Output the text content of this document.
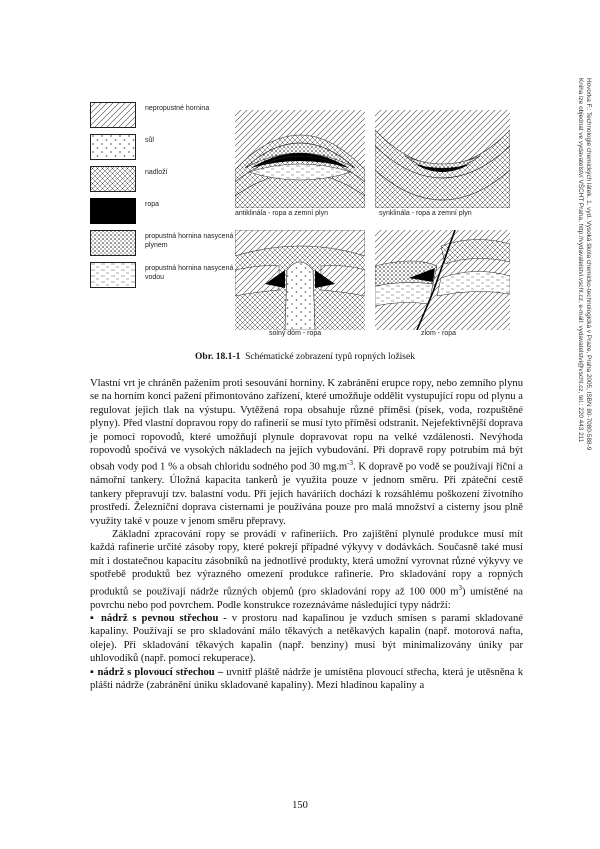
Hovorka F.: Technologie chemických látek. 1. vyd. Vysoká škola chemicko-technologická v Praze, Praha 2005, ISBN 80-7080-588-9
Kniha lze objednat ve vydavatelství VŠCHT Praha, http://vydavatelstvi.vscht.cz, e-mail: vydavatelstvi@vscht.cz, tel.: 220 443 211
nepropustné hornina
sůl
nadloží
ropa
propustná hornina nasycená plynem
propustná hornina nasycená vodou
antiklinála - ropa a zemní plyn	synklinála - ropa a zemní plyn
solný dóm - ropa	zlom - ropa
Obr. 18.1-1 Schématické zobrazení typů ropných ložisek

Vlastní vrt je chráněn pažením proti sesouvání horniny. K zabránění erupce ropy, nebo zemního plynu se na horním konci pažení přimontováno zařízení, které umožňuje oddělit vystupující ropu od plynu a regulovat jejich tlak na výstupu. Vytěžená ropa obsahuje různé příměsi (písek, voda, rozpuštěné plyny). Před vlastní dopravou ropy do rafinerií se musí tyto příměsi odstranit. Nejefektivnější doprava je pomocí ropovodů, které umožňují plynule dopravovat ropu na velké vzdálenosti. Nevýhoda ropovodů spočívá ve vysokých nákladech na jejich vybudování. Při dopravě ropy potrubím má být obsah vody pod 1 % a obsah chloridu sodného pod 30 $mg.m^{-3}$. K dopravě po vodě se používají říční a námořní tankery. Úložná kapacita tankerů je využita pouze v jednom směru. Při zpáteční cestě tankery přepravují tzv. balastní vodu. Při jejich haváriích dochází k rozsáhlému poškození životního prostředí. Železniční doprava cisternami je používána pouze pro malá množství a cisterny jsou plně využity také v pouze v jenom směru přepravy.

Základní zpracování ropy se provádí v rafineriích. Pro zajištění plynulé produkce musí mít každá rafinerie určité zásoby ropy, které pokrejí případné výkyvy v dodávkách. Současně také musí mít i dostatečnou kapacitu zásobníků na jednotlivé produkty, která umožní vyrovnat různé výkyvy ve spotřebě produktů bez výrazného omezení produkce rafinerie. Pro skladování ropy a ropných produktů se používají nádrže různých objemů (pro skladování ropy až 100 000 $m^3$) umístěné na povrchu nebo pod povrchem. Podle konstrukce rozeznáváme následující typy nádrží:

▪ nádrž s pevnou střechou - v prostoru nad kapalinou je vzduch smísen s parami skladované kapaliny. Používají se pro skladování málo těkavých a netěkavých kapalin (např. motorová nafta, oleje). Při skladování těkavých kapalin (např. benziny) musí být minimalizovány úniky par uhlovodíků (např. pomocí rekuperace).

▪ nádrž s plovoucí střechou – uvnitř pláště nádrže je umístěna plovoucí střecha, která je utěsněna k plášti nádrže (zabránění úniku skladované kapaliny). Mezi hladinou kapaliny a

150
